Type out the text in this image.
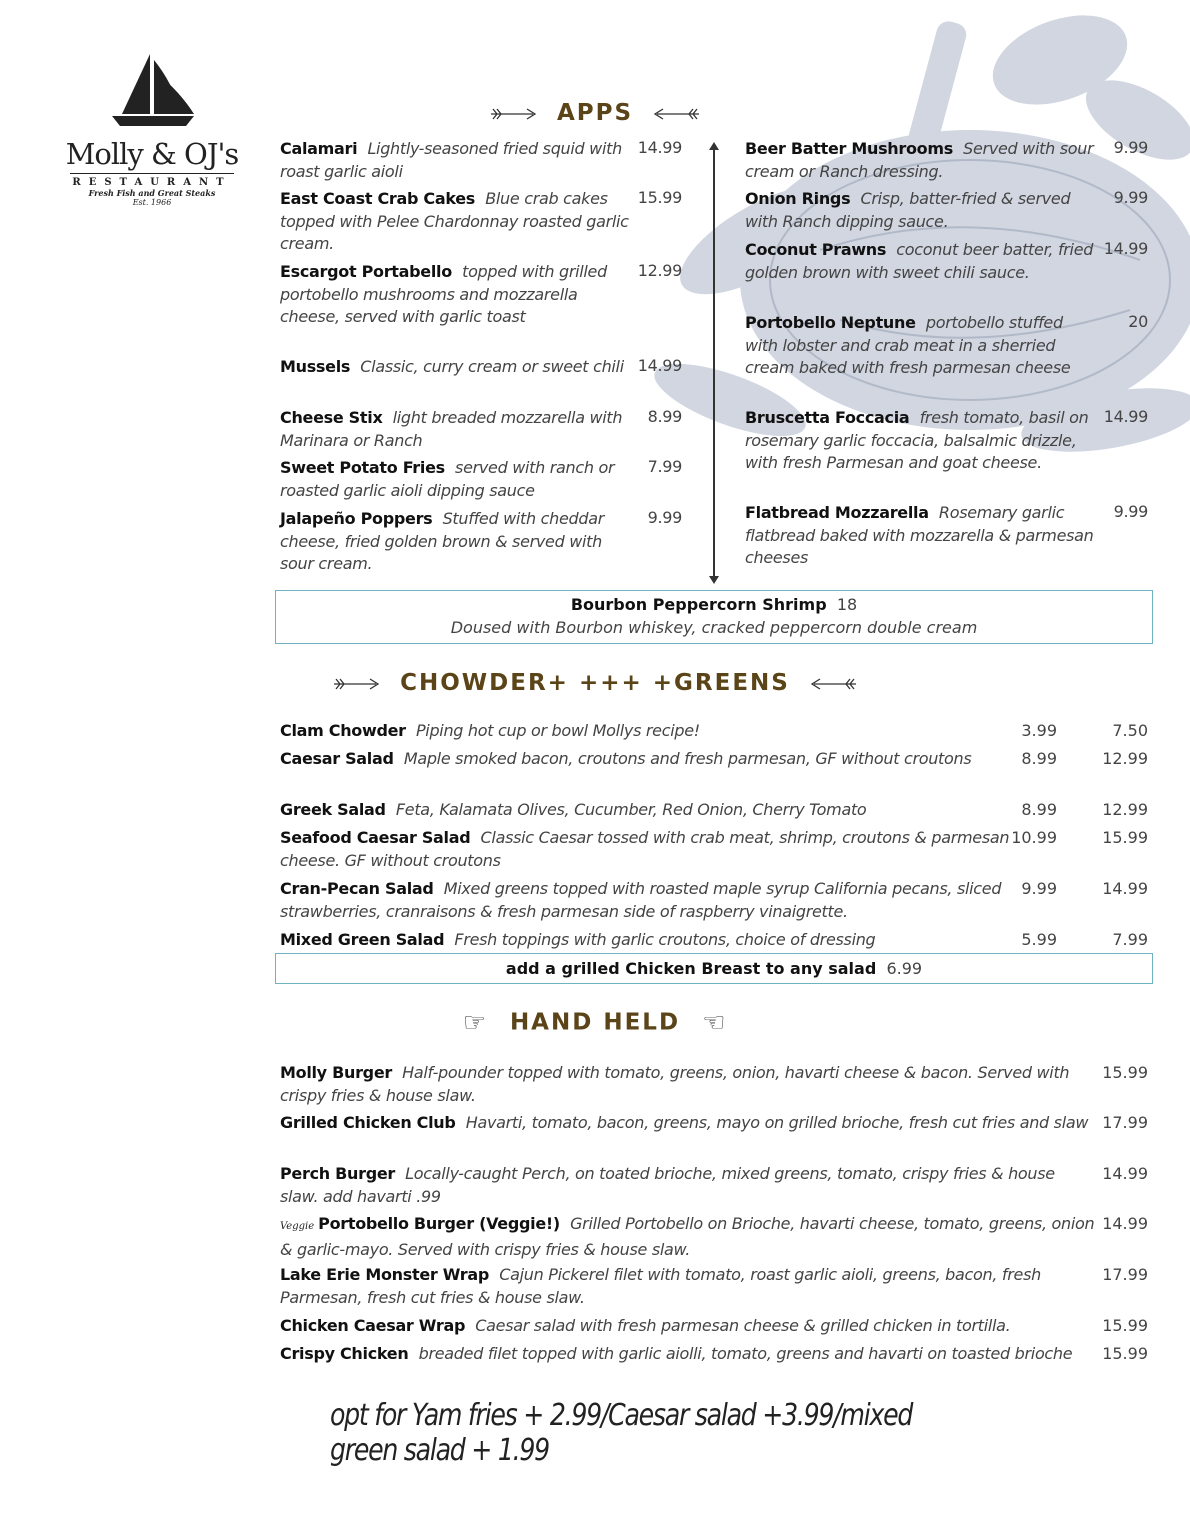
Molly & OJ's
RESTAURANT
Fresh Fish and Great Steaks
Est. 1966
APPS
Calamari Lightly-seasoned fried squid with roast garlic aioli
14.99
East Coast Crab Cakes Blue crab cakes topped with Pelee Chardonnay roasted garlic cream.
15.99
Escargot Portabello topped with grilled portobello mushrooms and mozzarella cheese, served with garlic toast
12.99
Mussels Classic, curry cream or sweet chili 14.99
Cheese Stix light breaded mozzarella with Marinara or Ranch
8.99
Sweet Potato Fries served with ranch or roasted garlic aioli dipping sauce
7.99
Jalapeño Poppers Stuffed with cheddar cheese, fried golden brown & served with sour cream.
9.99
Beer Batter Mushrooms Served with sour cream or Ranch dressing.
9.99
Onion Rings Crisp, batter-fried & served with Ranch dipping sauce.
9.99
Coconut Prawns coconut beer batter, fried golden brown with sweet chili sauce.
14.99
Portobello Neptune portobello stuffed with lobster and crab meat in a sherried cream baked with fresh parmesan cheese
20
Bruscetta Foccacia fresh tomato, basil on rosemary garlic foccacia, balsalmic drizzle, with fresh Parmesan and goat cheese.
14.99
Flatbread Mozzarella Rosemary garlic flatbread baked with mozzarella & parmesan cheeses
9.99
Bourbon Peppercorn Shrimp 18
Doused with Bourbon whiskey, cracked peppercorn double cream
CHOWDER+ +++ +GREENS
Clam Chowder Piping hot cup or bowl Mollys recipe!	3.99	7.50
Caesar Salad Maple smoked bacon, croutons and fresh parmesan, GF without croutons	8.99	12.99
Greek Salad Feta, Kalamata Olives, Cucumber, Red Onion, Cherry Tomato	8.99	12.99
Seafood Caesar Salad Classic Caesar tossed with crab meat, shrimp, croutons & parmesan cheese. GF without croutons
10.99	15.99
Cran-Pecan Salad Mixed greens topped with roasted maple syrup California pecans, sliced strawberries, cranraisons & fresh parmesan side of raspberry vinaigrette.
9.99	14.99
Mixed Green Salad Fresh toppings with garlic croutons, choice of dressing	5.99	7.99
add a grilled Chicken Breast to any salad 6.99
☞ HAND HELD ☜
Molly Burger Half-pounder topped with tomato, greens, onion, havarti cheese & bacon. Served with crispy fries & house slaw.
15.99
Grilled Chicken Club Havarti, tomato, bacon, greens, mayo on grilled brioche, fresh cut fries and slaw 17.99
Perch Burger Locally-caught Perch, on toated brioche, mixed greens, tomato, crispy fries & house slaw. add havarti .99
14.99
Veggie Portobello Burger (Veggie!) Grilled Portobello on Brioche, havarti cheese, tomato, greens, onion & garlic-mayo. Served with crispy fries & house slaw.
14.99
Lake Erie Monster Wrap Cajun Pickerel filet with tomato, roast garlic aioli, greens, bacon, fresh Parmesan, fresh cut fries & house slaw.
17.99
Chicken Caesar Wrap Caesar salad with fresh parmesan cheese & grilled chicken in tortilla.	15.99
Crispy Chicken breaded filet topped with garlic aiolli, tomato, greens and havarti on toasted brioche	15.99
opt for Yam fries + 2.99/Caesar salad +3.99/mixed green salad + 1.99
